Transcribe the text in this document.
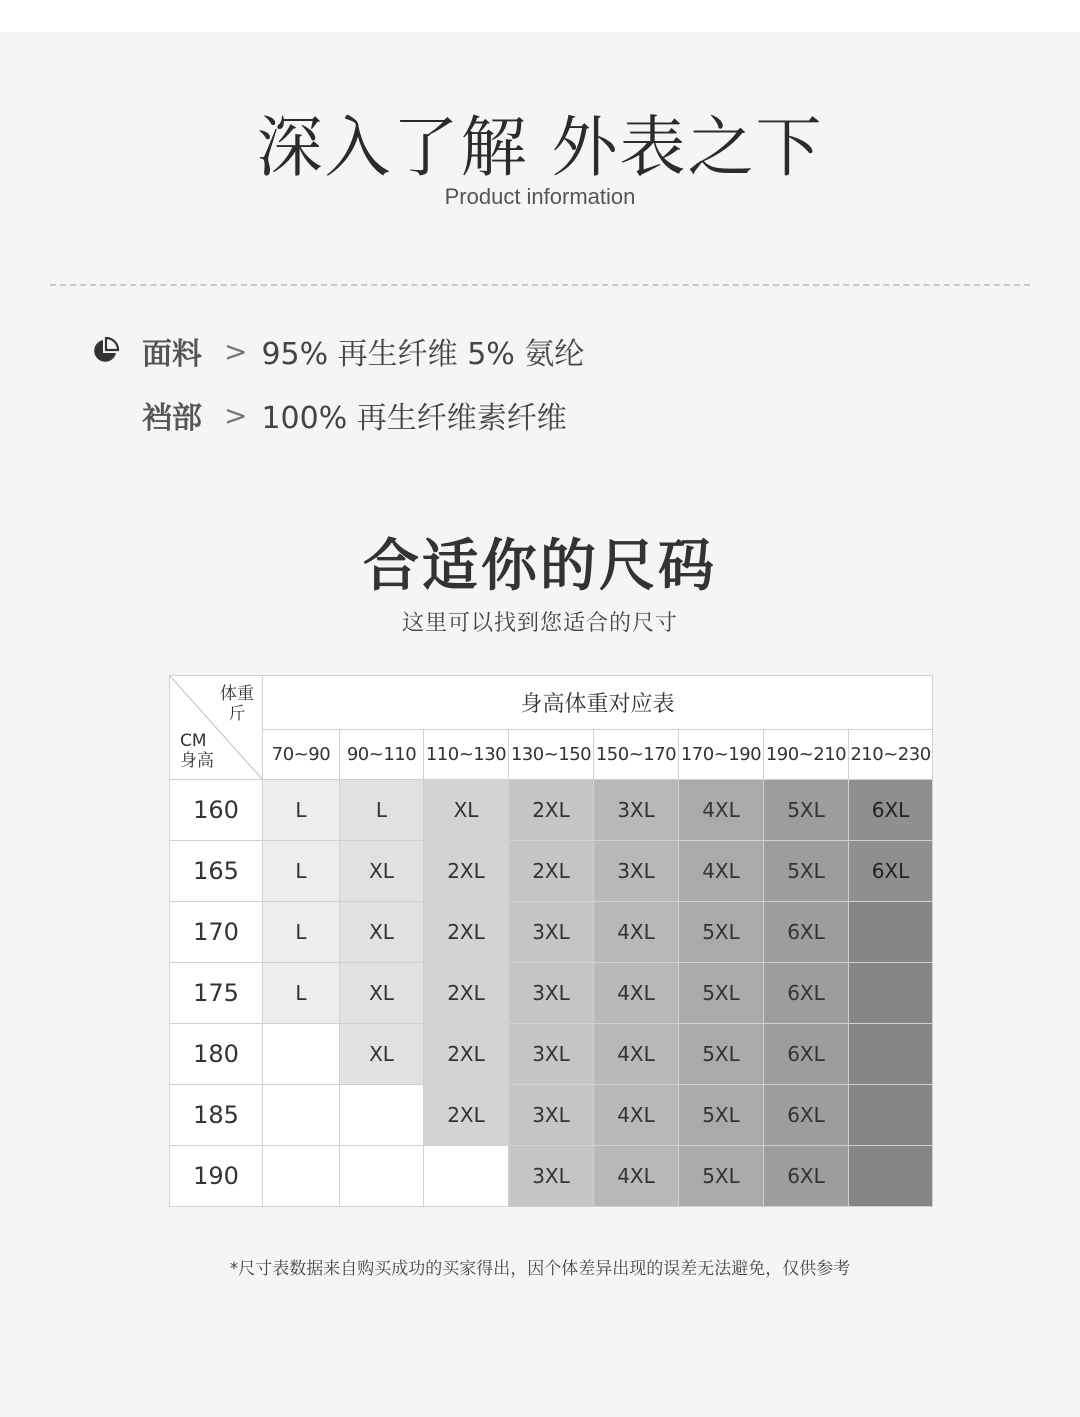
深入了解 外表之下
Product information
面料 > 95% 再生纤维 5% 氨纶
裆部 > 100% 再生纤维素纤维
合适你的尺码
这里可以找到您适合的尺寸
体重
斤
CM
身高	身高体重对应表							
	70~90	90~110	110~130	130~150	150~170	170~190	190~210	210~230
160	L	L	XL	2XL	3XL	4XL	5XL	6XL
165	L	XL	2XL	2XL	3XL	4XL	5XL	6XL
170	L	XL	2XL	3XL	4XL	5XL	6XL	
175	L	XL	2XL	3XL	4XL	5XL	6XL	
180		XL	2XL	3XL	4XL	5XL	6XL	
185			2XL	3XL	4XL	5XL	6XL	
190				3XL	4XL	5XL	6XL	
*尺寸表数据来自购买成功的买家得出，因个体差异出现的误差无法避免，仅供参考
